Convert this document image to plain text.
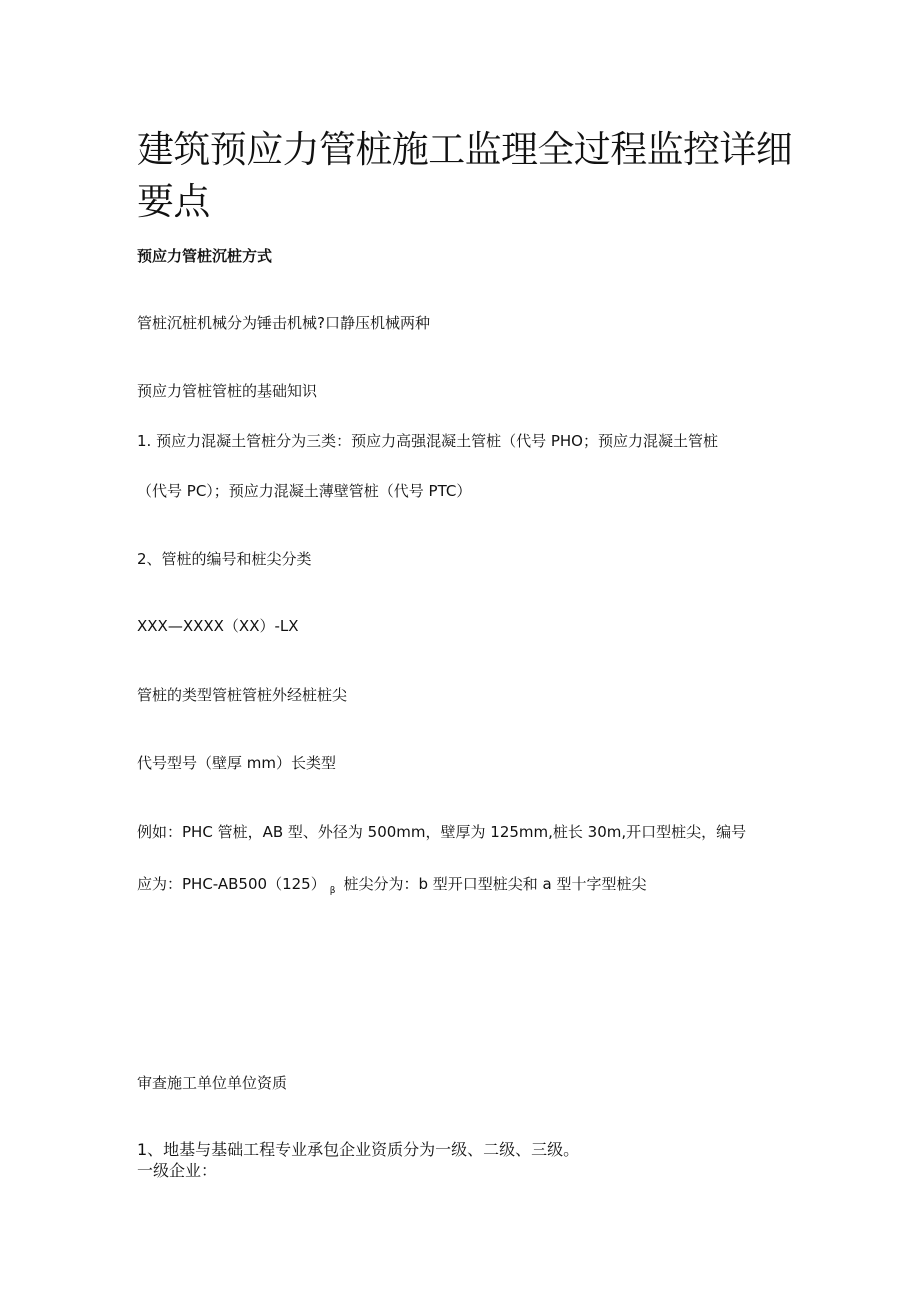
建筑预应力管桩施工监理全过程监控详细要点
预应力管桩沉桩方式
管桩沉桩机械分为锤击机械?口静压机械两种
预应力管桩管桩的基础知识
1. 预应力混凝土管桩分为三类：预应力高强混凝土管桩（代号 PHO；预应力混凝土管桩
（代号 PC）；预应力混凝土薄壁管桩（代号 PTC）
2、管桩的编号和桩尖分类
XXX—XXXX（XX）-LX
管桩的类型管桩管桩外经桩桩尖
代号型号（壁厚 mm）长类型
例如：PHC 管桩，AB 型、外径为 500mm，壁厚为 125mm,桩长 30m,开口型桩尖，编号
应为：PHC-AB500（125） $_\beta$ 桩尖分为：b 型开口型桩尖和 a 型十字型桩尖
审查施工单位单位资质
1、地基与基础工程专业承包企业资质分为一级、二级、三级。
一级企业：
